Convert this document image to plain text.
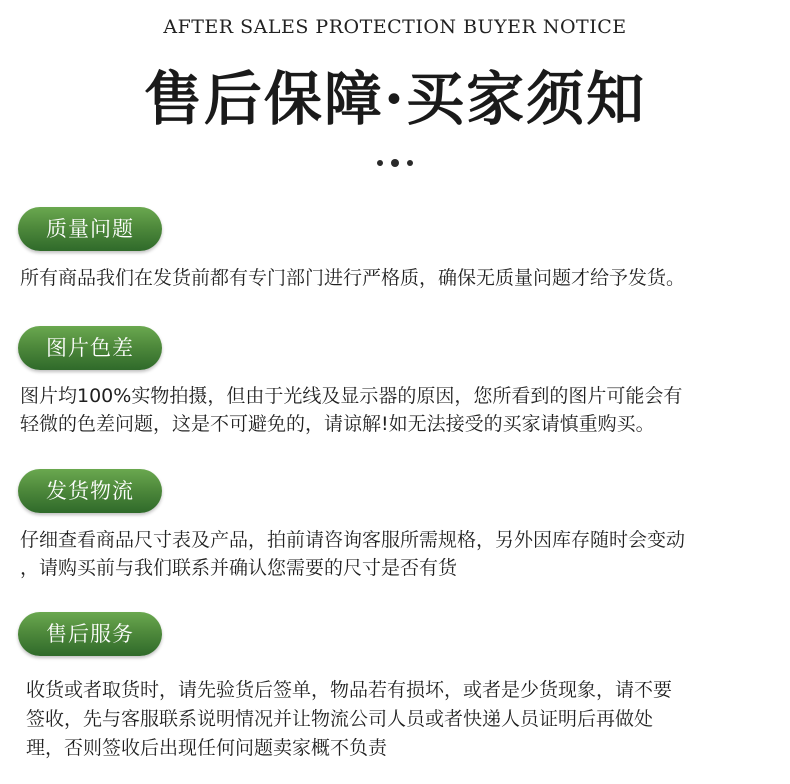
AFTER SALES PROTECTION BUYER NOTICE
售后保障·买家须知
质量问题
所有商品我们在发货前都有专门部门进行严格质，确保无质量问题才给予发货。
图片色差
图片均100%实物拍摄，但由于光线及显示器的原因，您所看到的图片可能会有
轻微的色差问题，这是不可避免的，请谅解!如无法接受的买家请慎重购买。
发货物流
仔细查看商品尺寸表及产品，拍前请咨询客服所需规格，另外因库存随时会变动
，请购买前与我们联系并确认您需要的尺寸是否有货
售后服务
收货或者取货时，请先验货后签单，物品若有损坏，或者是少货现象，请不要
签收，先与客服联系说明情况并让物流公司人员或者快递人员证明后再做处
理，否则签收后出现任何问题卖家概不负责
